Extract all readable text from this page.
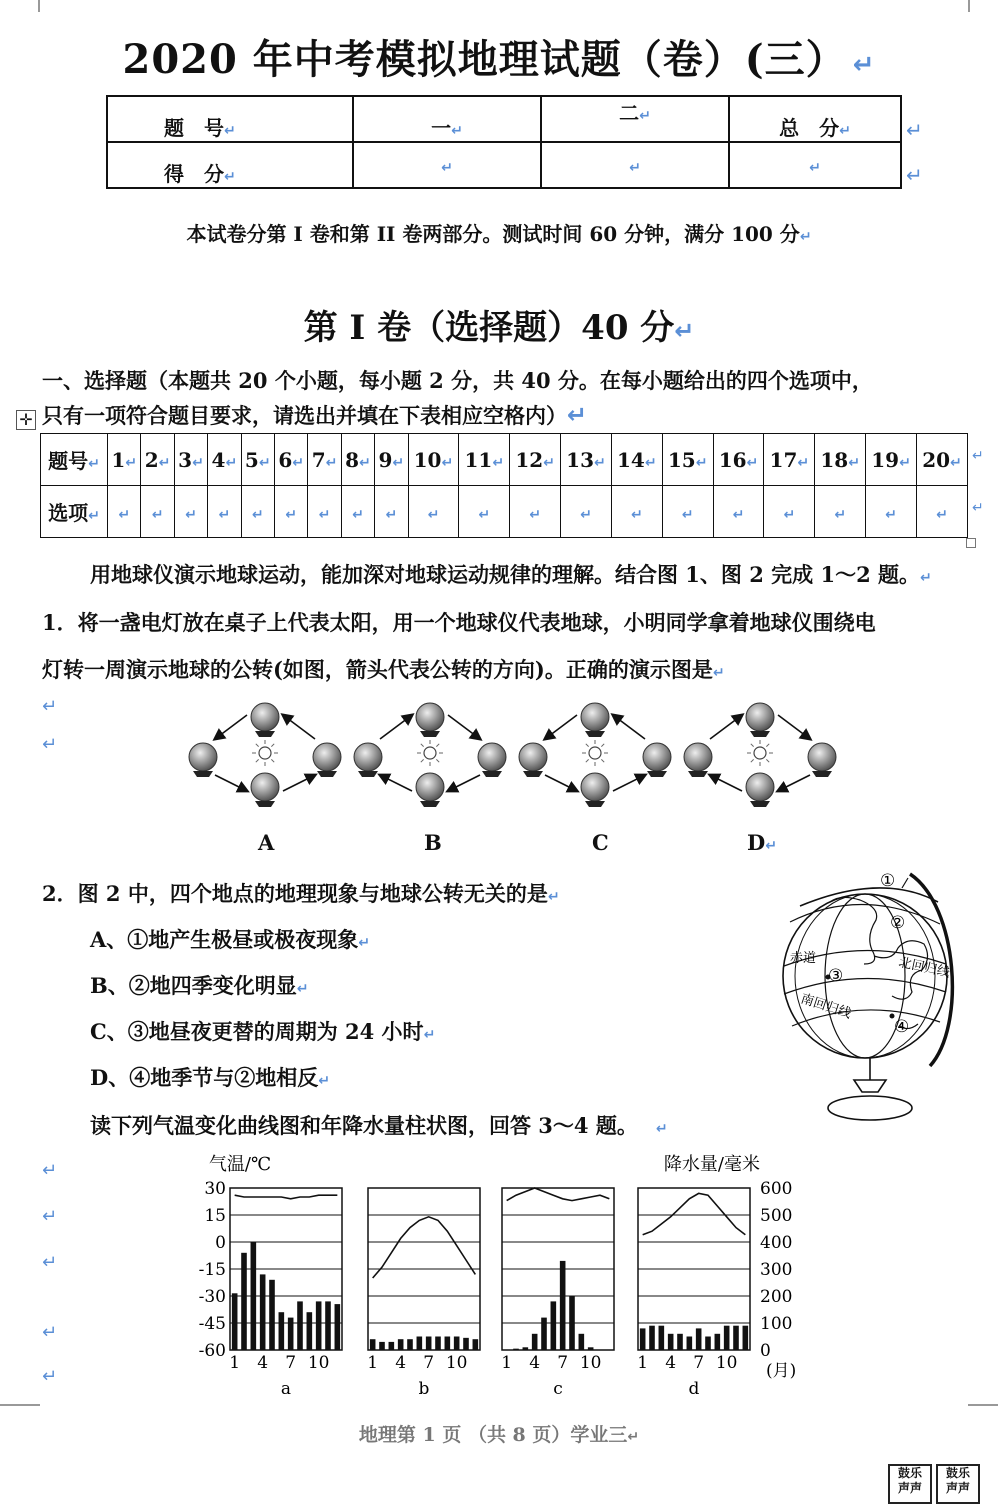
2020 年中考模拟地理试题（卷）(三） ↵
题　号↵	一↵	二↵	总　分↵
得　分↵	↵	↵	↵
↵
↵
本试卷分第 I 卷和第 II 卷两部分。测试时间 60 分钟，满分 100 分↵
第 I 卷（选择题）40 分↵
一、选择题（本题共 20 个小题，每小题 2 分，共 40 分。在每小题给出的四个选项中，
✛ 只有一项符合题目要求，请选出并填在下表相应空格内）↵
题号↵	1↵	2↵	3↵	4↵	5↵	6↵	7↵	8↵	9↵	10↵	11↵	12↵	13↵	14↵	15↵	16↵	17↵	18↵	19↵	20↵
选项↵	↵	↵	↵	↵	↵	↵	↵	↵	↵	↵	↵	↵	↵	↵	↵	↵	↵	↵	↵	↵
↵
↵
用地球仪演示地球运动，能加深对地球运动规律的理解。结合图 1、图 2 完成 1～2 题。↵
1．将一盏电灯放在桌子上代表太阳，用一个地球仪代表地球，小明同学拿着地球仪围绕电
灯转一周演示地球的公转(如图，箭头代表公转的方向)。正确的演示图是↵
↵
↵
A	B	C	D↵
2．图 2 中，四个地点的地理现象与地球公转无关的是↵
A、①地产生极昼或极夜现象↵
B、②地四季变化明显↵
C、③地昼夜更替的周期为 24 小时↵
D、④地季节与②地相反↵
读下列气温变化曲线图和年降水量柱状图，回答 3～4 题。 ↵
①
②
③
④
赤道	北回归线
南回归线
↵
↵
↵
↵
↵
气温/℃	降水量/毫米
30
15
0
-15
-30
-45
-60
600
500
400
300
200
100
0
(月)
1 4 7 10
a
1 4 7 10
b
1 4 7 10
c
1 4 7 10
d
地理第 1 页 （共 8 页）学业三↵
鼓乐
声声
鼓乐
声声
